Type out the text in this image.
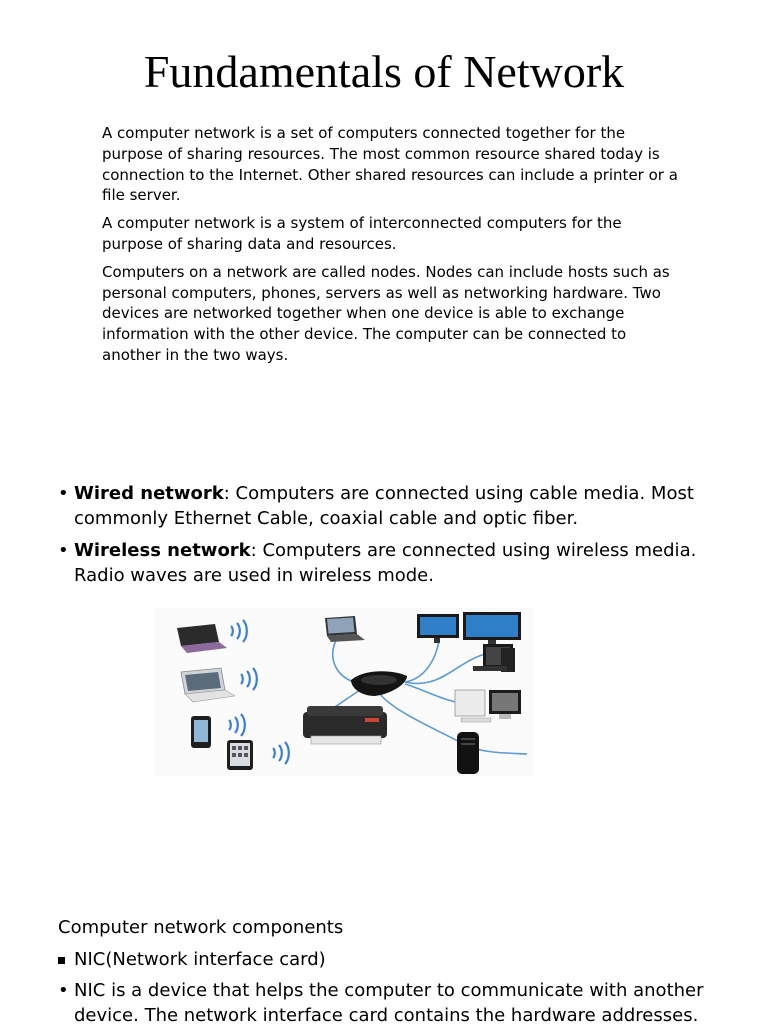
Fundamentals of Network

A computer network is a set of computers connected together for the purpose of sharing resources. The most common resource shared today is connection to the Internet. Other shared resources can include a printer or a file server.

A computer network is a system of interconnected computers for the purpose of sharing data and resources.

Computers on a network are called nodes. Nodes can include hosts such as personal computers, phones, servers as well as networking hardware. Two devices are networked together when one device is able to exchange information with the other device. The computer can be connected to another in the two ways.

• Wired network: Computers are connected using cable media. Most commonly Ethernet Cable, coaxial cable and optic fiber.
• Wireless network: Computers are connected using wireless media. Radio waves are used in wireless mode.
Computer network components
NIC(Network interface card)
• NIC is a device that helps the computer to communicate with another device. The network interface card contains the hardware addresses.
